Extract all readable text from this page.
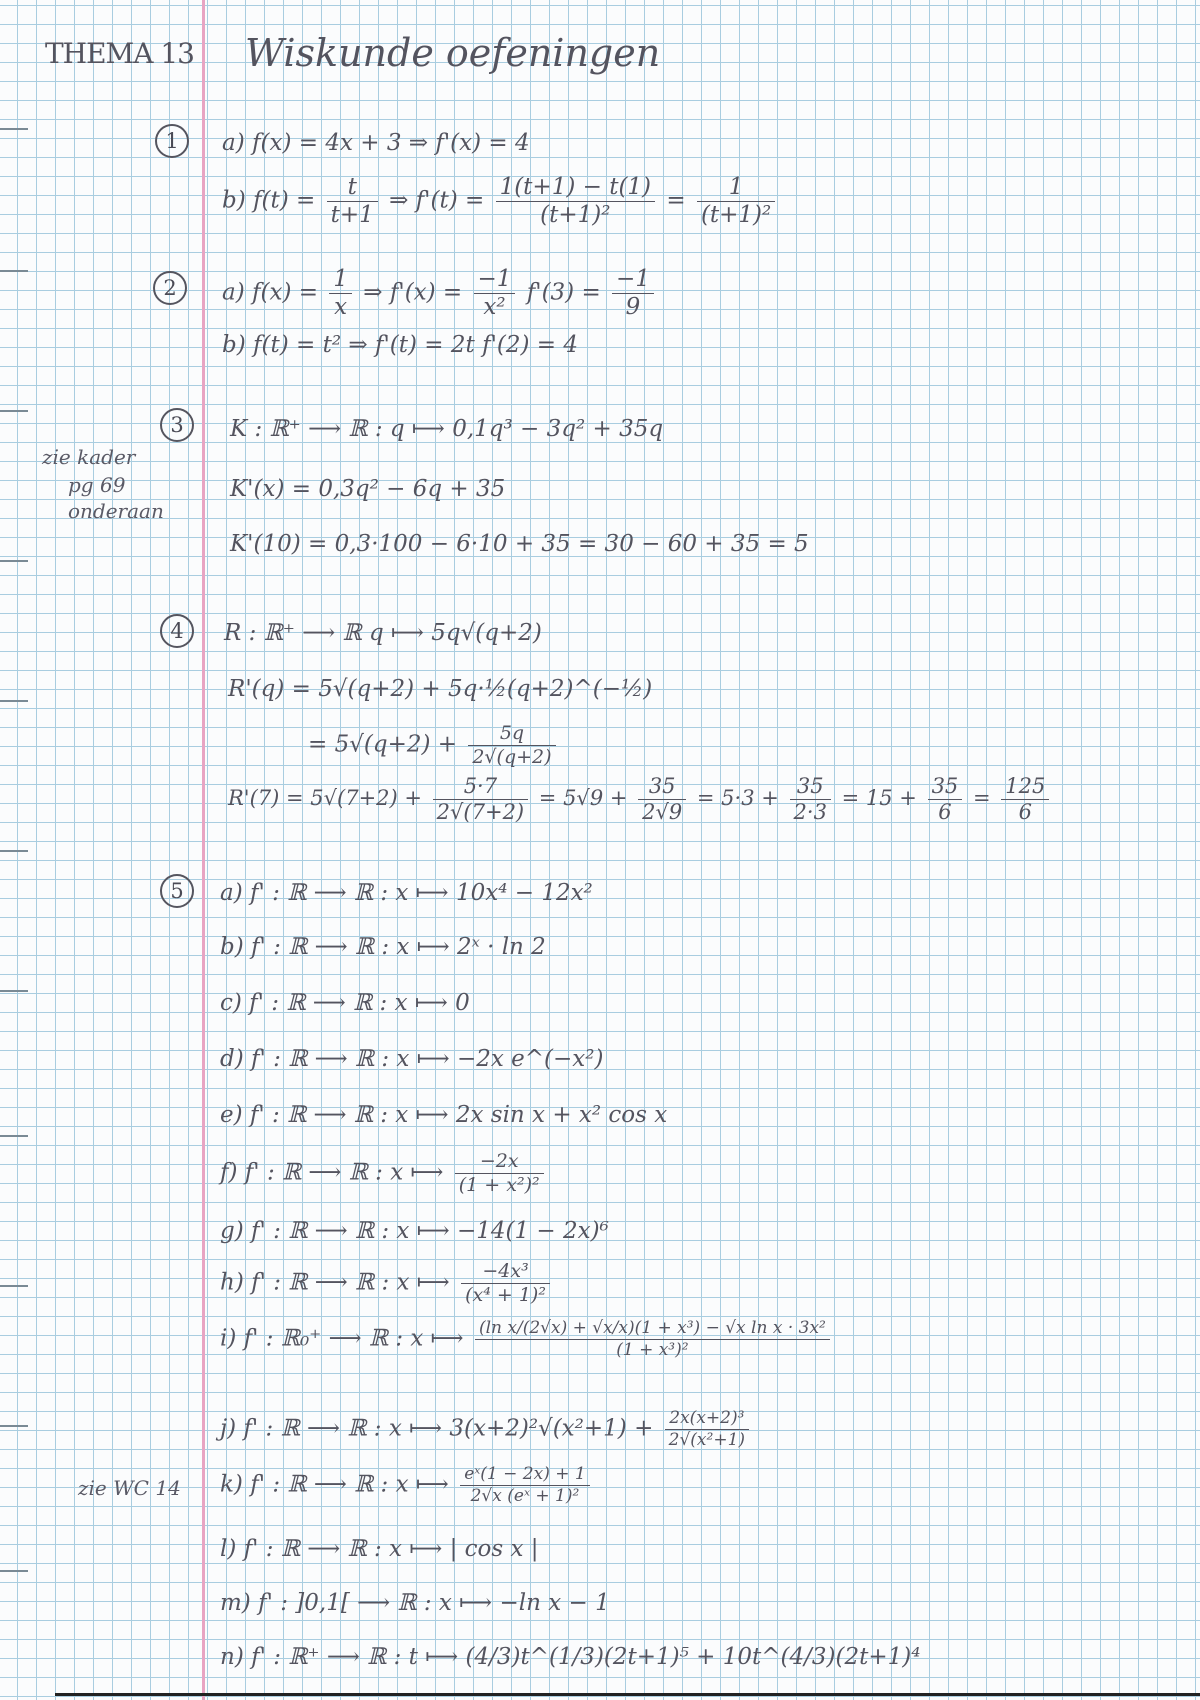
THEMA 13 Wiskunde oefeningen
zie kader
pg 69
onderaan
zie WC 14
1	a) f(x) = 4x + 3 ⇒ f'(x) = 4
b) $f(t) = \frac{t}{t+1}$ ⇒ $f'(t) = \frac{1(t+1) - t(1)}{\text{(t+1)²}} = \frac{1}{\text{(t+1)²}}$
2	a) $f(x) = \frac{1}{x}$ ⇒ $f'(x) = \frac{-1}{\text{x²}} f'(3) = \frac{-1}{9}$
b) f(t) = t² ⇒ f'(t) = 2t f'(2) = 4
3	K : ℝ⁺ ⟶ ℝ : q ⟼ 0,1q³ − 3q² + 35q
K'(x) = 0,3q² − 6q + 35
K'(10) = 0,3·100 − 6·10 + 35 = 30 − 60 + 35 = 5
4	R : ℝ⁺ ⟶ ℝ q ⟼ 5q√(q+2)
R'(q) = 5√(q+2) + 5q·½(q+2)^(−½)
= $5√(q+2) + \frac{5q}{2√(q+2)}$
$R'(7) = 5√(7+2) + \frac{5\cdot 7}{2√(7+2)} = 5√9 + \frac{35}{2√9} = 5\cdot 3 + \frac{35}{2\cdot 3} = 15 + \frac{35}{6} = \frac{125}{6}$
5	a) f' : ℝ ⟶ ℝ : x ⟼ 10x⁴ − 12x²
b) f' : ℝ ⟶ ℝ : x ⟼ 2ˣ · ln 2
c) f' : ℝ ⟶ ℝ : x ⟼ 0
d) f' : ℝ ⟶ ℝ : x ⟼ −2x e^(−x²)
e) f' : ℝ ⟶ ℝ : x ⟼ 2x sin x + x² cos x
f) f' : ℝ ⟶ ℝ : x ⟼ $\frac{-2x}{\text{(1 + x²)²}}$
g) f' : ℝ ⟶ ℝ : x ⟼ −14(1 − 2x)⁶
h) f' : ℝ ⟶ ℝ : x ⟼ $\frac{\text{−4x³}}{\text{(x⁴ + 1)²}}$
i) f' : ℝ₀⁺ ⟶ ℝ : x ⟼ $\frac{\text{(ln x/(2√x) + √x/x)(1 + x³) − √x ln x · 3x²}}{\text{(1 + x³)²}}$
j) f' : ℝ ⟶ ℝ : x ⟼ $3(x+2)^2√(x^2+1) + \frac{\text{2x(x+2)³}}{\text{2√(x²+1)}}$
k) f' : ℝ ⟶ ℝ : x ⟼ $\frac{\text{eˣ(1 − 2x) + 1}}{\text{2√x (eˣ + 1)²}}$
l) f' : ℝ ⟶ ℝ : x ⟼ | cos x |
m) f' : ]0,1[ ⟶ ℝ : x ⟼ −ln x − 1
n) f' : ℝ⁺ ⟶ ℝ : t ⟼ (4/3)t^(1/3)(2t+1)⁵ + 10t^(4/3)(2t+1)⁴
